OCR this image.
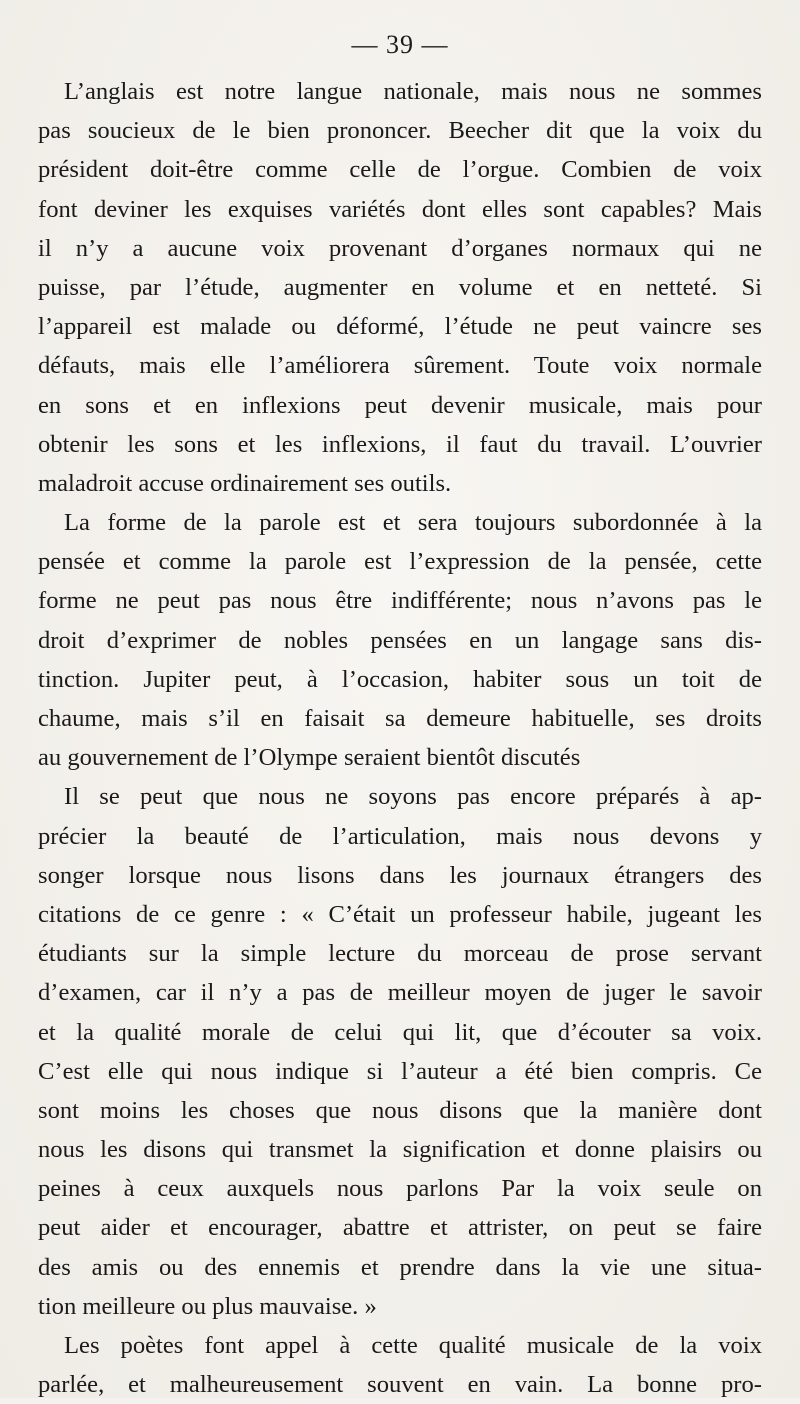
— 39 —
L’anglais est notre langue nationale, mais nous ne sommes
pas soucieux de le bien prononcer. Beecher dit que la voix du
président doit-être comme celle de l’orgue. Combien de voix
font deviner les exquises variétés dont elles sont capables? Mais
il n’y a aucune voix provenant d’organes normaux qui ne
puisse, par l’étude, augmenter en volume et en netteté. Si
l’appareil est malade ou déformé, l’étude ne peut vaincre ses
défauts, mais elle l’améliorera sûrement. Toute voix normale
en sons et en inflexions peut devenir musicale, mais pour
obtenir les sons et les inflexions, il faut du travail. L’ouvrier
maladroit accuse ordinairement ses outils.
La forme de la parole est et sera toujours subordonnée à la
pensée et comme la parole est l’expression de la pensée, cette
forme ne peut pas nous être indifférente; nous n’avons pas le
droit d’exprimer de nobles pensées en un langage sans dis-
tinction. Jupiter peut, à l’occasion, habiter sous un toit de
chaume, mais s’il en faisait sa demeure habituelle, ses droits
au gouvernement de l’Olympe seraient bientôt discutés
Il se peut que nous ne soyons pas encore préparés à ap-
précier la beauté de l’articulation, mais nous devons y
songer lorsque nous lisons dans les journaux étrangers des
citations de ce genre : « C’était un professeur habile, jugeant les
étudiants sur la simple lecture du morceau de prose servant
d’examen, car il n’y a pas de meilleur moyen de juger le savoir
et la qualité morale de celui qui lit, que d’écouter sa voix.
C’est elle qui nous indique si l’auteur a été bien compris. Ce
sont moins les choses que nous disons que la manière dont
nous les disons qui transmet la signification et donne plaisirs ou
peines à ceux auxquels nous parlons Par la voix seule on
peut aider et encourager, abattre et attrister, on peut se faire
des amis ou des ennemis et prendre dans la vie une situa-
tion meilleure ou plus mauvaise. »
Les poètes font appel à cette qualité musicale de la voix
parlée, et malheureusement souvent en vain. La bonne pro-
